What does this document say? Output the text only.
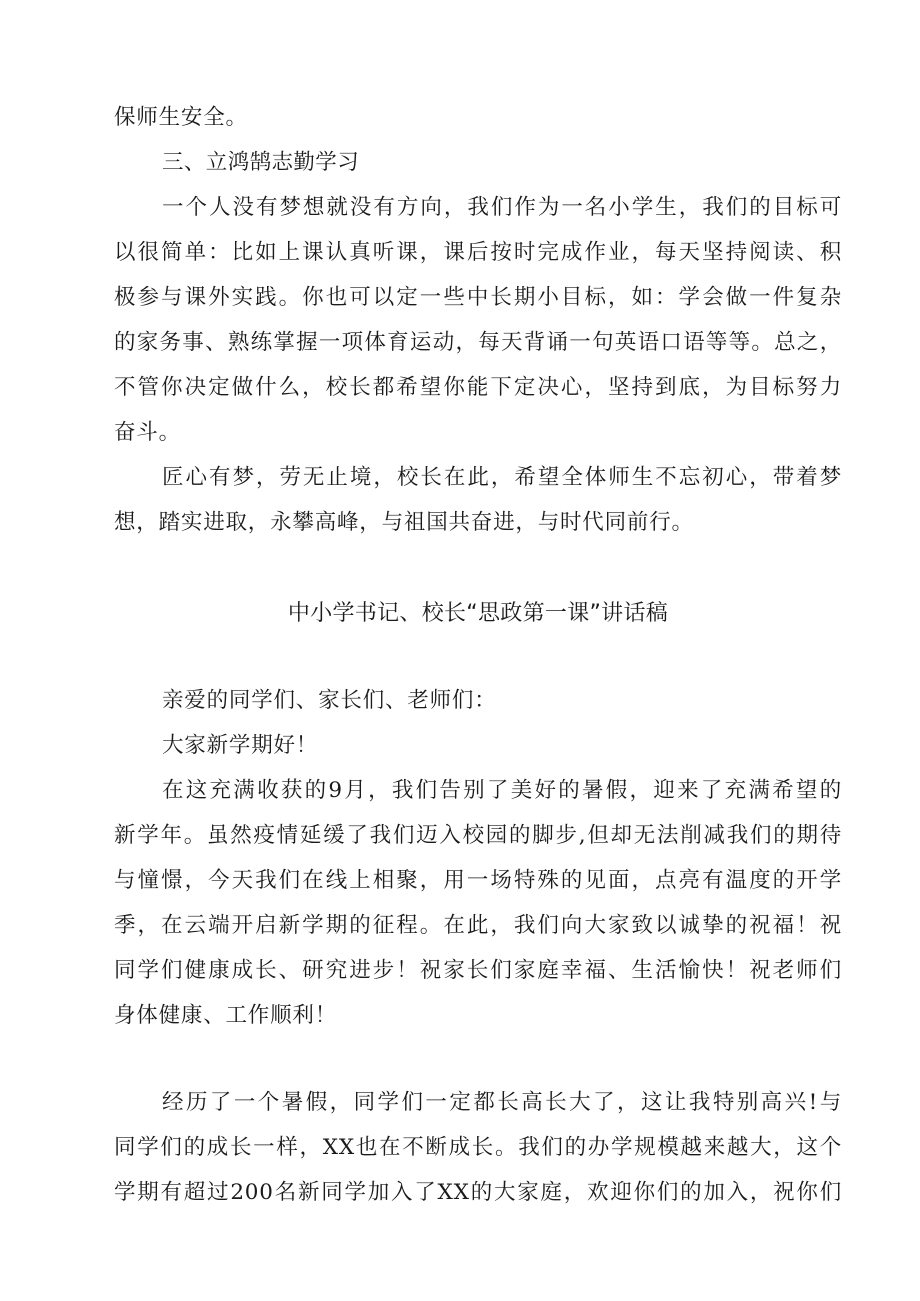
保师生安全。
三、立鸿鹄志勤学习
一个人没有梦想就没有方向，我们作为一名小学生，我们的目标可
以很简单：比如上课认真听课，课后按时完成作业，每天坚持阅读、积
极参与课外实践。你也可以定一些中长期小目标，如：学会做一件复杂
的家务事、熟练掌握一项体育运动，每天背诵一句英语口语等等。总之，
不管你决定做什么，校长都希望你能下定决心，坚持到底，为目标努力
奋斗。
匠心有梦，劳无止境，校长在此，希望全体师生不忘初心，带着梦
想，踏实进取，永攀高峰，与祖国共奋进，与时代同前行。
中小学书记、校长“思政第一课”讲话稿
亲爱的同学们、家长们、老师们：
大家新学期好！
在这充满收获的9月，我们告别了美好的暑假，迎来了充满希望的
新学年。虽然疫情延缓了我们迈入校园的脚步,但却无法削减我们的期待
与憧憬，今天我们在线上相聚，用一场特殊的见面，点亮有温度的开学
季，在云端开启新学期的征程。在此，我们向大家致以诚挚的祝福！祝
同学们健康成长、研究进步！祝家长们家庭幸福、生活愉快！祝老师们
身体健康、工作顺利！
经历了一个暑假，同学们一定都长高长大了，这让我特别高兴!与
同学们的成长一样，XX也在不断成长。我们的办学规模越来越大，这个
学期有超过200名新同学加入了XX的大家庭，欢迎你们的加入，祝你们
